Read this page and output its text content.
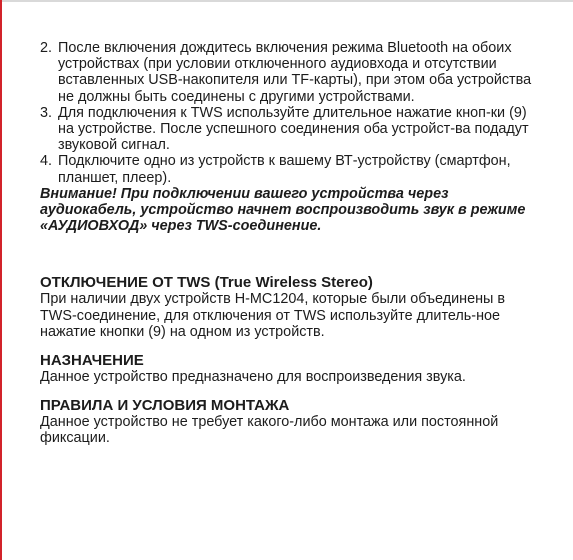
2. После включения дождитесь включения режима Bluetooth на обоих устройствах (при условии отключенного аудиовхода и отсутствии вставленных USB-накопителя или TF-карты), при этом оба устройства не должны быть соединены с другими устройствами.
3. Для подключения к TWS используйте длительное нажатие кноп-ки (9) на устройстве. После успешного соединения оба устройст-ва подадут звуковой сигнал.
4. Подключите одно из устройств к вашему ВТ-устройству (смартфон, планшет, плеер).

Внимание! При подключении вашего устройства через аудиокабель, устройство начнет воспроизводить звук в режиме «АУДИОВХОД» через TWS-соединение.

ОТКЛЮЧЕНИЕ ОТ TWS (True Wireless Stereo)

При наличии двух устройств H-MC1204, которые были объединены в TWS-соединение, для отключения от TWS используйте длитель-ное нажатие кнопки (9) на одном из устройств.

НАЗНАЧЕНИЕ

Данное устройство предназначено для воспроизведения звука.

ПРАВИЛА И УСЛОВИЯ МОНТАЖА

Данное устройство не требует какого-либо монтажа или постоянной фиксации.
